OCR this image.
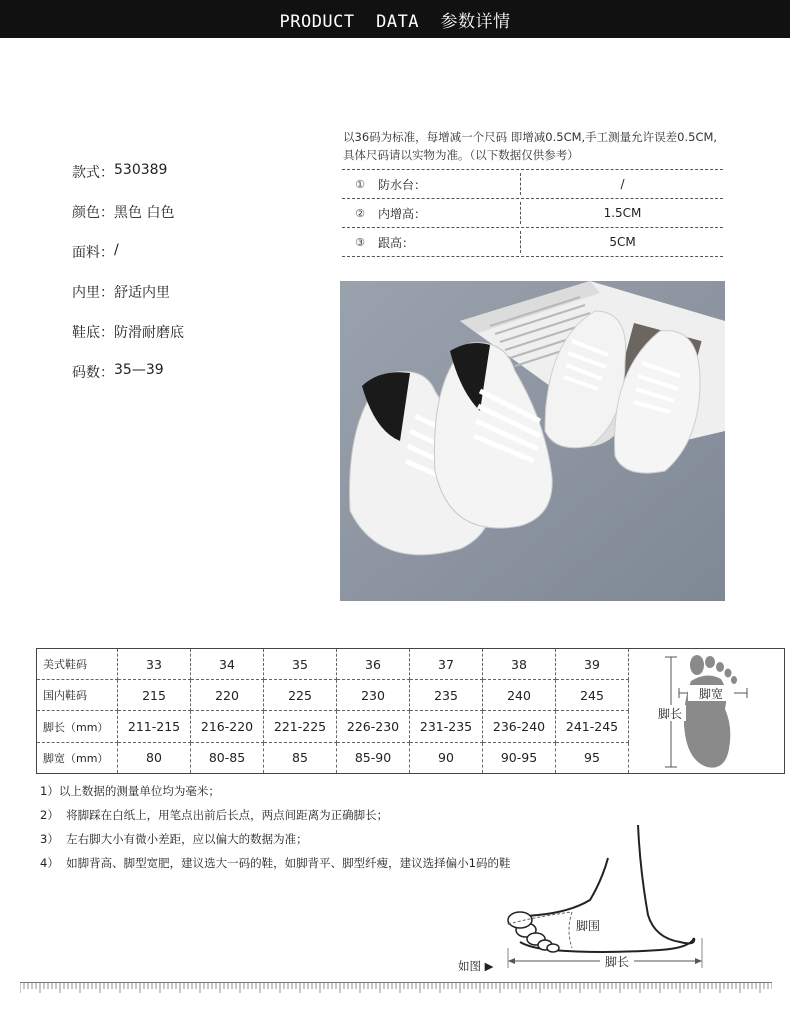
PRODUCT  DATA  参数详情
款式： 530389
颜色： 黑色 白色
面料： /
内里： 舒适内里
鞋底： 防滑耐磨底
码数： 35—39
以36码为标准，每增减一个尺码 即增减0.5CM,手工测量允许误差0.5CM,
具体尺码请以实物为准。（以下数据仅供参考）
①	防水台：	/
②	内增高：	1.5CM
③	跟高：	5CM
美式鞋码	33	34	35	36	37	38	39
国内鞋码	215	220	225	230	235	240	245
脚长（mm）	211-215	216-220	221-225	226-230	231-235	236-240	241-245
脚宽（mm）	80	80-85	85	85-90	90	90-95	95
脚宽
脚长
1）以上数据的测量单位均为毫米；
2）  将脚踩在白纸上，用笔点出前后长点，两点间距离为正确脚长；
3）  左右脚大小有微小差距，应以偏大的数据为准；
4）  如脚背高、脚型宽肥，建议选大一码的鞋，如脚背平、脚型纤瘦，建议选择偏小1码的鞋
脚围
脚长
如图 ▶
